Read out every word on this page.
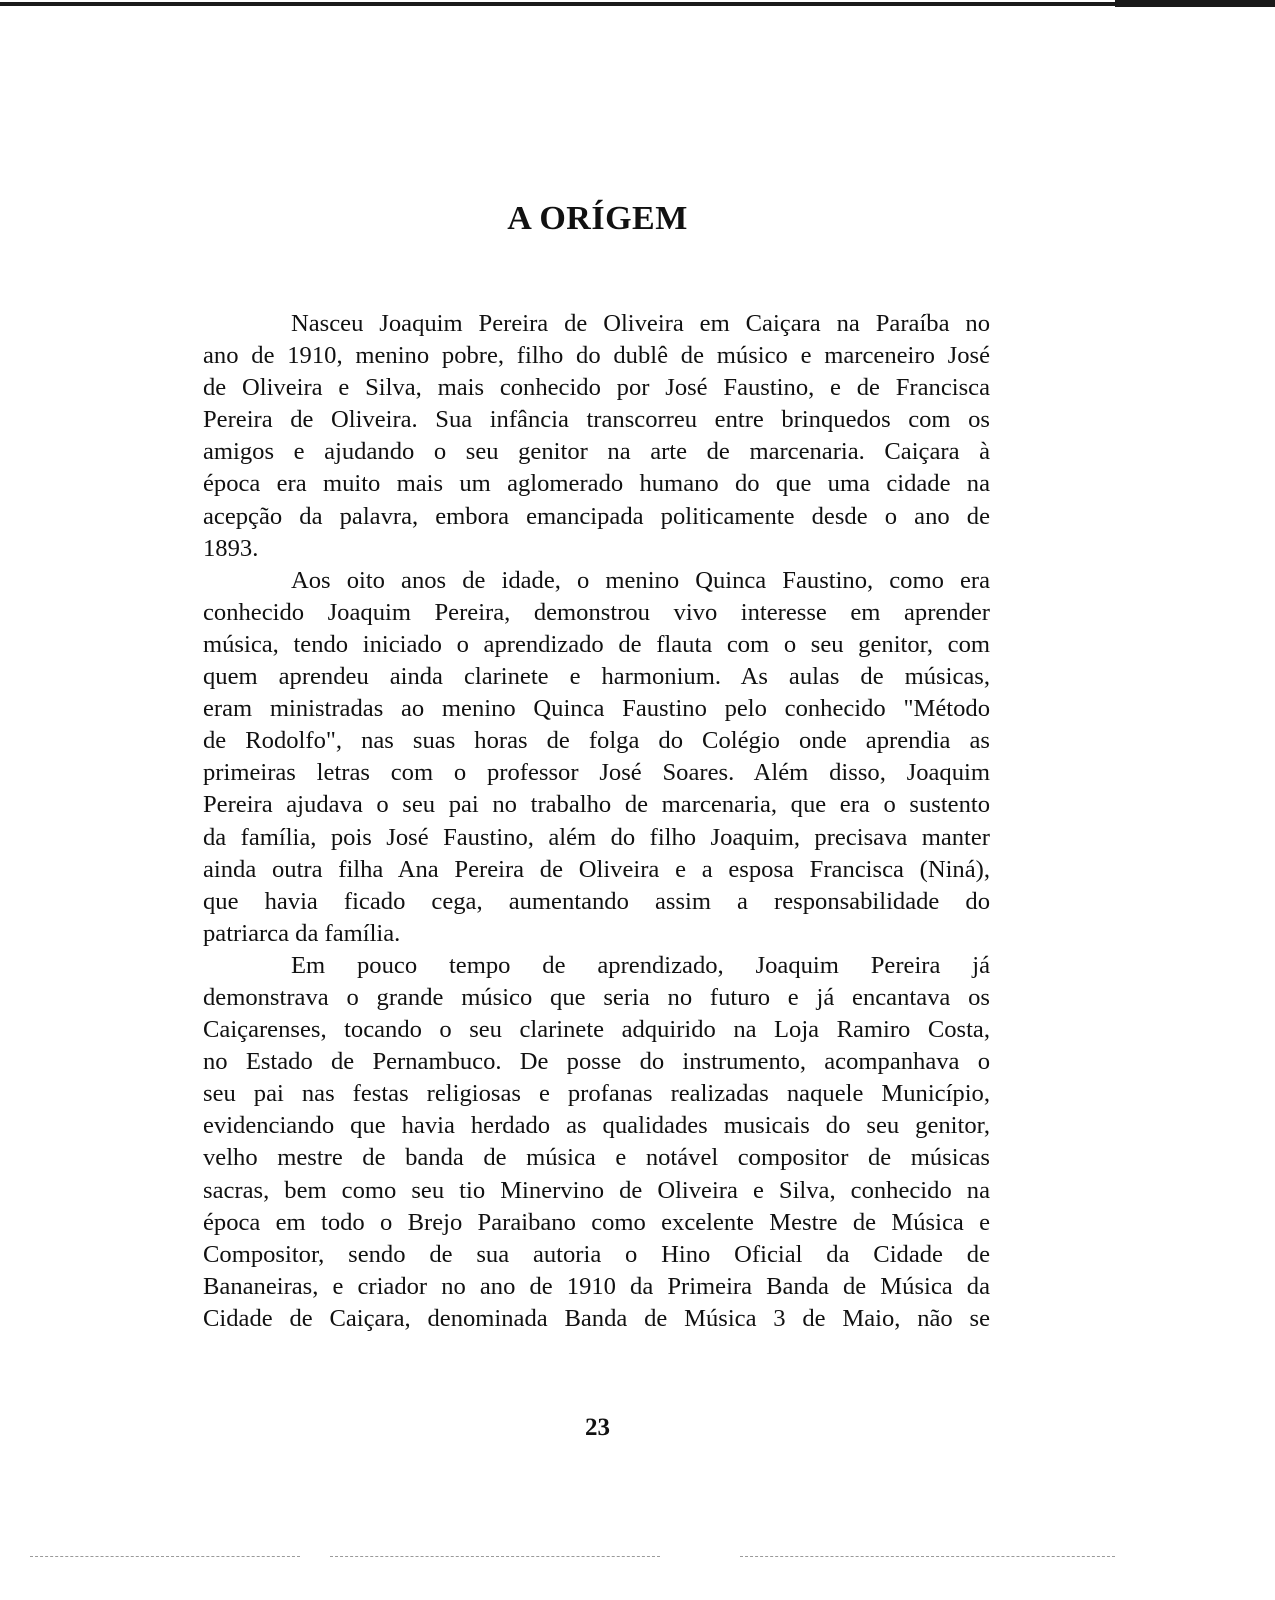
A ORÍGEM
Nasceu Joaquim Pereira de Oliveira em Caiçara na Paraíba no
ano de 1910, menino pobre, filho do dublê de músico e marceneiro José
de Oliveira e Silva, mais conhecido por José Faustino, e de Francisca
Pereira de Oliveira. Sua infância transcorreu entre brinquedos com os
amigos e ajudando o seu genitor na arte de marcenaria. Caiçara à
época era muito mais um aglomerado humano do que uma cidade na
acepção da palavra, embora emancipada politicamente desde o ano de
1893.
Aos oito anos de idade, o menino Quinca Faustino, como era
conhecido Joaquim Pereira, demonstrou vivo interesse em aprender
música, tendo iniciado o aprendizado de flauta com o seu genitor, com
quem aprendeu ainda clarinete e harmonium. As aulas de músicas,
eram ministradas ao menino Quinca Faustino pelo conhecido "Método
de Rodolfo", nas suas horas de folga do Colégio onde aprendia as
primeiras letras com o professor José Soares. Além disso, Joaquim
Pereira ajudava o seu pai no trabalho de marcenaria, que era o sustento
da família, pois José Faustino, além do filho Joaquim, precisava manter
ainda outra filha Ana Pereira de Oliveira e a esposa Francisca (Niná),
que havia ficado cega, aumentando assim a responsabilidade do
patriarca da família.
Em pouco tempo de aprendizado, Joaquim Pereira já
demonstrava o grande músico que seria no futuro e já encantava os
Caiçarenses, tocando o seu clarinete adquirido na Loja Ramiro Costa,
no Estado de Pernambuco. De posse do instrumento, acompanhava o
seu pai nas festas religiosas e profanas realizadas naquele Município,
evidenciando que havia herdado as qualidades musicais do seu genitor,
velho mestre de banda de música e notável compositor de músicas
sacras, bem como seu tio Minervino de Oliveira e Silva, conhecido na
época em todo o Brejo Paraibano como excelente Mestre de Música e
Compositor, sendo de sua autoria o Hino Oficial da Cidade de
Bananeiras, e criador no ano de 1910 da Primeira Banda de Música da
Cidade de Caiçara, denominada Banda de Música 3 de Maio, não se
23
